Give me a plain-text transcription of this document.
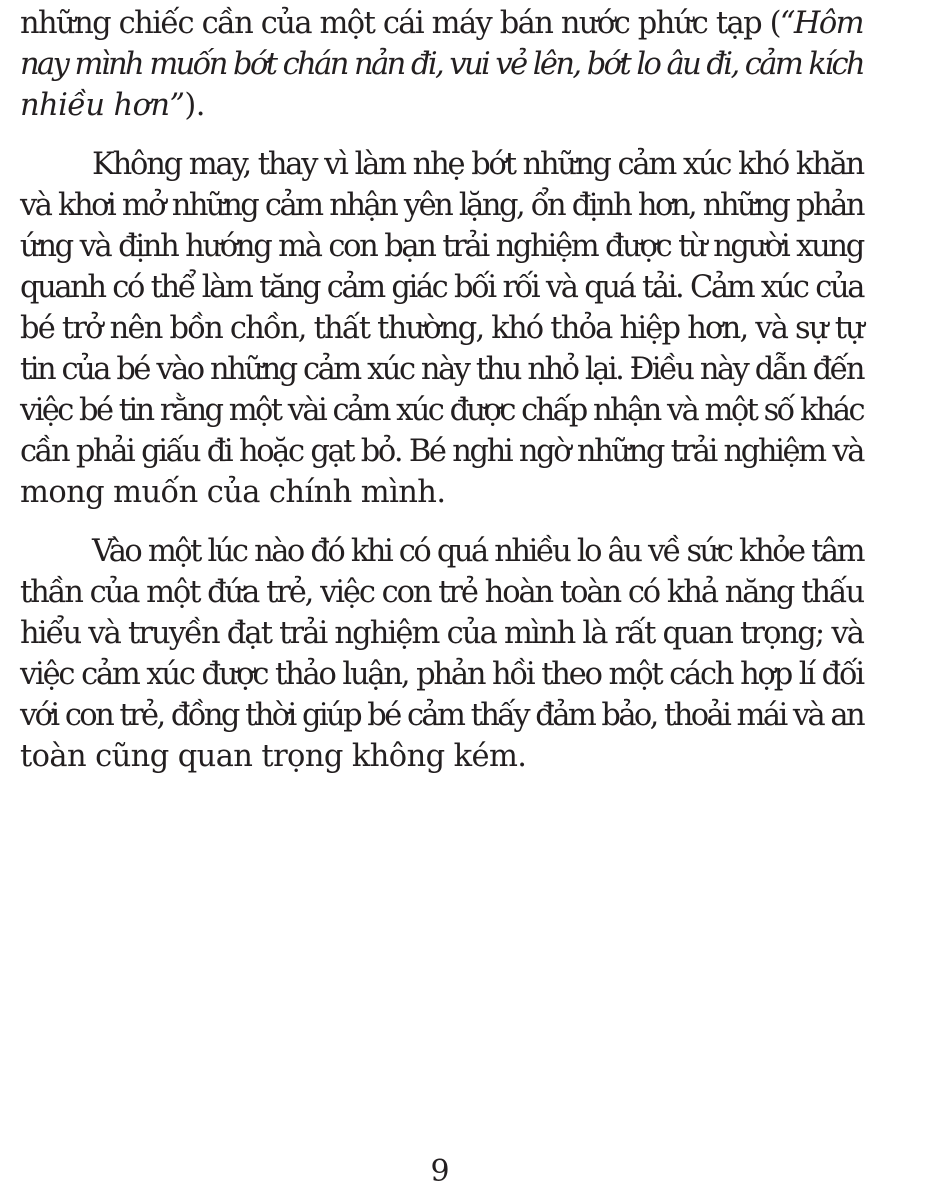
những chiếc cần của một cái máy bán nước phức tạp (“Hôm
nay mình muốn bớt chán nản đi, vui vẻ lên, bớt lo âu đi, cảm kích
nhiều hơn”).
Không may, thay vì làm nhẹ bớt những cảm xúc khó khăn
và khơi mở những cảm nhận yên lặng, ổn định hơn, những phản
ứng và định hướng mà con bạn trải nghiệm được từ người xung
quanh có thể làm tăng cảm giác bối rối và quá tải. Cảm xúc của
bé trở nên bồn chồn, thất thường, khó thỏa hiệp hơn, và sự tự
tin của bé vào những cảm xúc này thu nhỏ lại. Điều này dẫn đến
việc bé tin rằng một vài cảm xúc được chấp nhận và một số khác
cần phải giấu đi hoặc gạt bỏ. Bé nghi ngờ những trải nghiệm và
mong muốn của chính mình.
Vào một lúc nào đó khi có quá nhiều lo âu về sức khỏe tâm
thần của một đứa trẻ, việc con trẻ hoàn toàn có khả năng thấu
hiểu và truyền đạt trải nghiệm của mình là rất quan trọng; và
việc cảm xúc được thảo luận, phản hồi theo một cách hợp lí đối
với con trẻ, đồng thời giúp bé cảm thấy đảm bảo, thoải mái và an
toàn cũng quan trọng không kém.
9
